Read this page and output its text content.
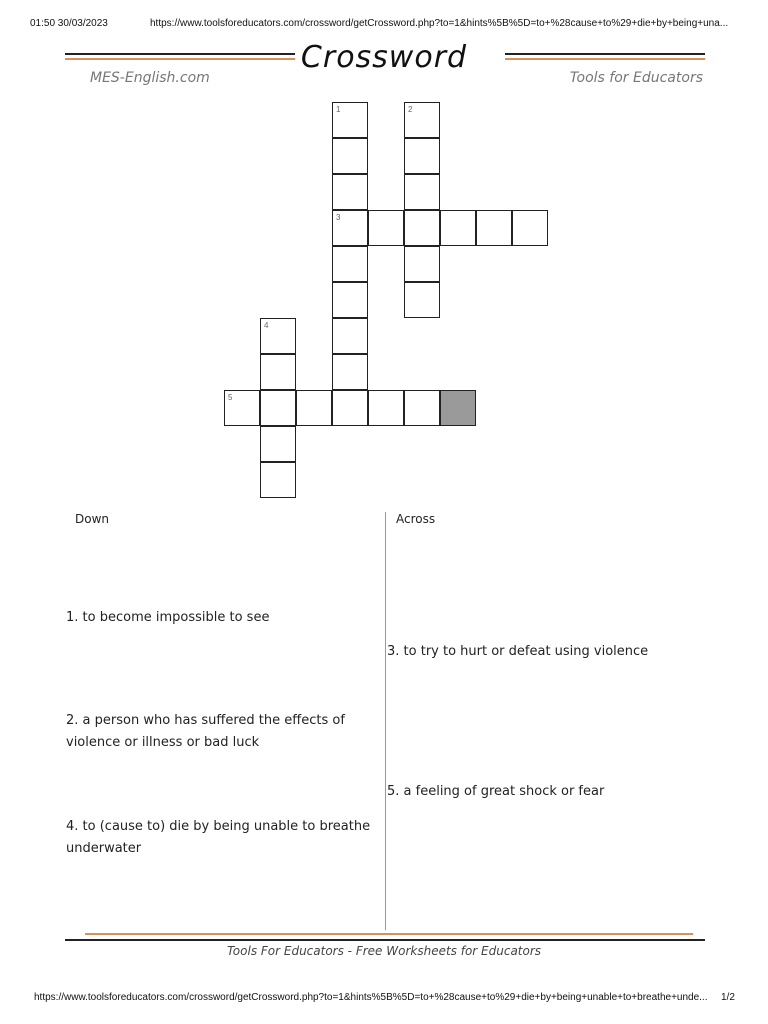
01:50 30/03/2023	https://www.toolsforeducators.com/crossword/getCrossword.php?to=1&hints%5B%5D=to+%28cause+to%29+die+by+being+una...
Crossword
MES-English.com	Tools for Educators
1	2
3
4
5
Down	Across
1. to become impossible to see
2. a person who has suffered the effects of violence or illness or bad luck
4. to (cause to) die by being unable to breathe underwater
3. to try to hurt or defeat using violence
5. a feeling of great shock or fear
Tools For Educators - Free Worksheets for Educators
https://www.toolsforeducators.com/crossword/getCrossword.php?to=1&hints%5B%5D=to+%28cause+to%29+die+by+being+unable+to+breathe+unde...	1/2
